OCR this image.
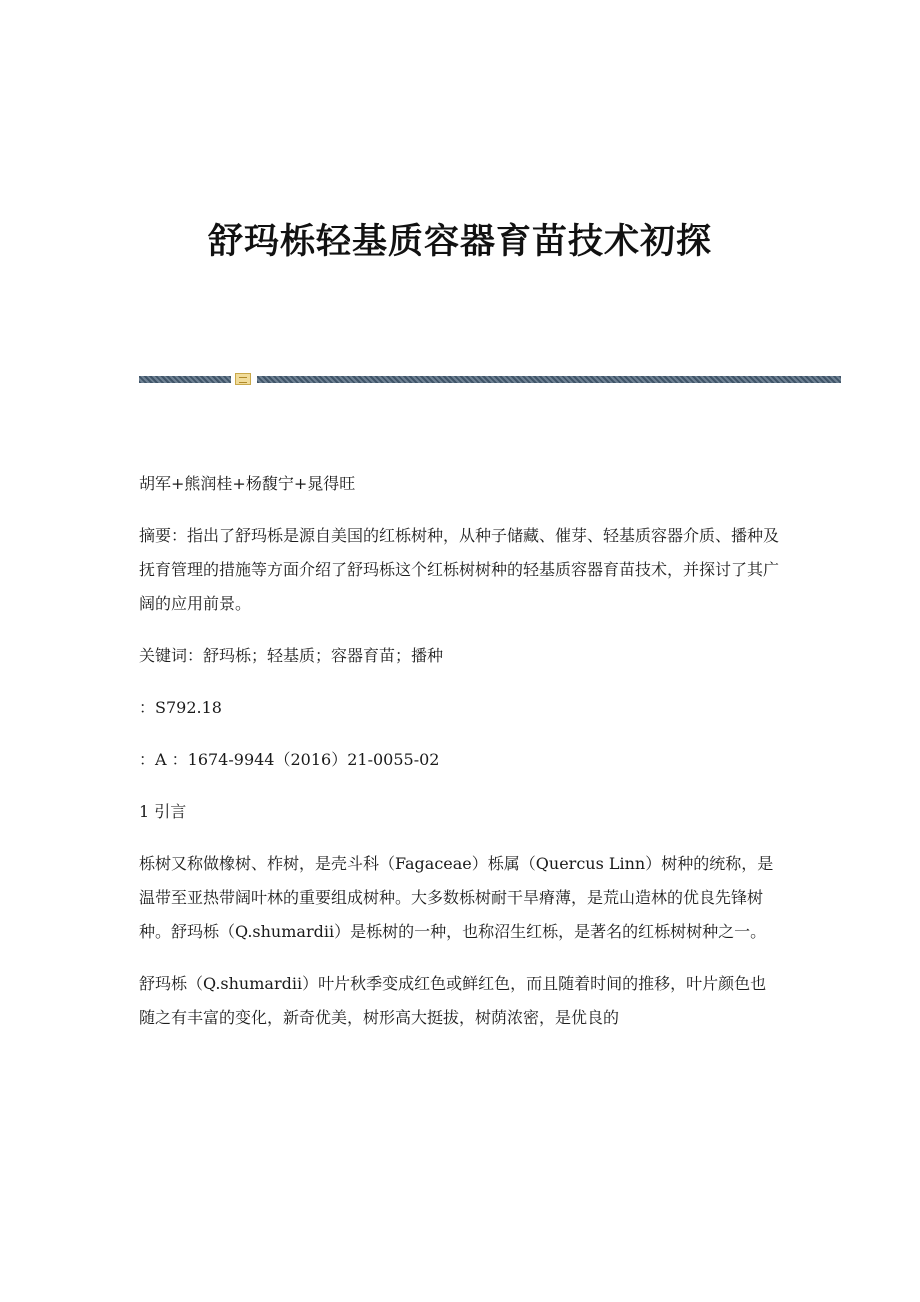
舒玛栎轻基质容器育苗技术初探

胡军+熊润桂+杨馥宁+晁得旺

摘要：指出了舒玛栎是源自美国的红栎树种，从种子储藏、催芽、轻基质容器介质、播种及抚育管理的措施等方面介绍了舒玛栎这个红栎树树种的轻基质容器育苗技术，并探讨了其广阔的应用前景。

关键词：舒玛栎；轻基质；容器育苗；播种

：S792.18

：A ：1674-9944（2016）21-0055-02

1 引言

栎树又称做橡树、柞树，是壳斗科（Fagaceae）栎属（Quercus Linn）树种的统称，是温带至亚热带阔叶林的重要组成树种。大多数栎树耐干旱瘠薄，是荒山造林的优良先锋树种。舒玛栎（Q.shumardii）是栎树的一种，也称沼生红栎，是著名的红栎树树种之一。

舒玛栎（Q.shumardii）叶片秋季变成红色或鲜红色，而且随着时间的推移，叶片颜色也随之有丰富的变化，新奇优美，树形高大挺拔，树荫浓密，是优良的
